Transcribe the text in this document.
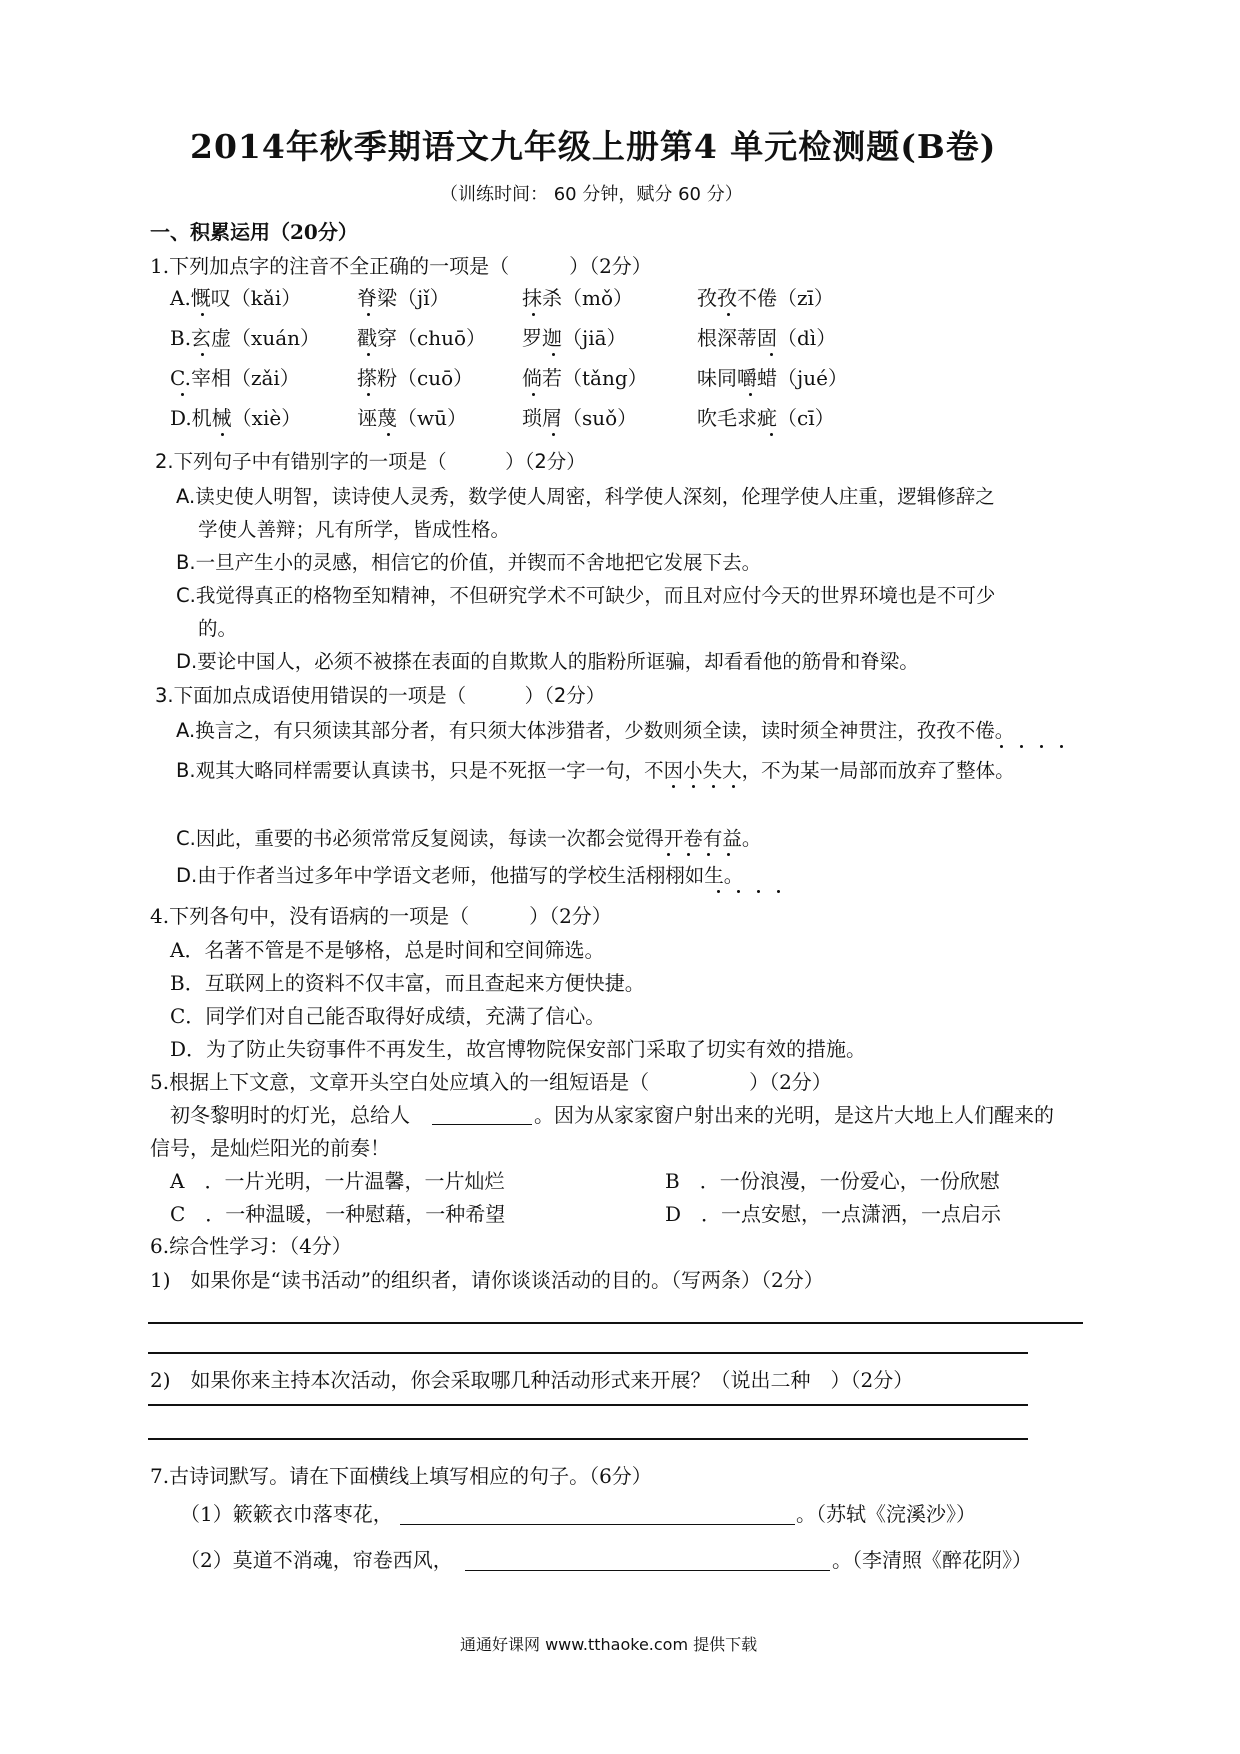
2014年秋季期语文九年级上册第4 单元检测题(B卷)
（训练时间： 60 分钟，赋分 60 分）
一、积累运用（20分）
1.下列加点字的注音不全正确的一项是（　　　）（2分）
A.慨叹（kǎi）	脊梁（jǐ）	抹杀（mǒ）	孜孜不倦（zī）
B.玄虚（xuán） 戳穿（chuō） 罗迦（jiā）	根深蒂固（dì）
C.宰相（zǎi）	搽粉（cuō） 倘若（tǎng） 味同嚼蜡（jué）
D.机械（xiè）	诬蔑（wū）	琐屑（suǒ）	吹毛求疵（cī）
2.下列句子中有错别字的一项是（　　　）（2分）
A.读史使人明智，读诗使人灵秀，数学使人周密，科学使人深刻，伦理学使人庄重，逻辑修辞之
学使人善辩；凡有所学，皆成性格。
B.一旦产生小的灵感，相信它的价值，并锲而不舍地把它发展下去。
C.我觉得真正的格物至知精神，不但研究学术不可缺少，而且对应付今天的世界环境也是不可少
的。
D.要论中国人，必须不被搽在表面的自欺欺人的脂粉所诓骗，却看看他的筋骨和脊梁。
3.下面加点成语使用错误的一项是（　　　）（2分）
A.换言之，有只须读其部分者，有只须大体涉猎者，少数则须全读，读时须全神贯注，孜孜不倦。
B.观其大略同样需要认真读书，只是不死抠一字一句，不因小失大，不为某一局部而放弃了整体。
C.因此，重要的书必须常常反复阅读，每读一次都会觉得开卷有益。
D.由于作者当过多年中学语文老师，他描写的学校生活栩栩如生。
4.下列各句中，没有语病的一项是（　　　）（2分）
A．名著不管是不是够格，总是时间和空间筛选。
B．互联网上的资料不仅丰富，而且查起来方便快捷。
C．同学们对自己能否取得好成绩，充满了信心。
D．为了防止失窃事件不再发生，故宫博物院保安部门采取了切实有效的措施。
5.根据上下文意，文章开头空白处应填入的一组短语是（　　　　　）（2分）
初冬黎明时的灯光，总给人	。因为从家家窗户射出来的光明，是这片大地上人们醒来的
信号，是灿烂阳光的前奏！
A　．一片光明，一片温馨，一片灿烂	B　．一份浪漫，一份爱心，一份欣慰
C　．一种温暖，一种慰藉，一种希望	D　．一点安慰，一点潇洒，一点启示
6.综合性学习：（4分）
1)　如果你是“读书活动”的组织者，请你谈谈活动的目的。（写两条）（2分）
2)　如果你来主持本次活动，你会采取哪几种活动形式来开展？（说出二种　）（2分）
7.古诗词默写。请在下面横线上填写相应的句子。（6分）
（1）簌簌衣巾落枣花，	。（苏轼《浣溪沙》）
（2）莫道不消魂，帘卷西风，	。（李清照《醉花阴》）
通通好课网 www.tthaoke.com 提供下载
